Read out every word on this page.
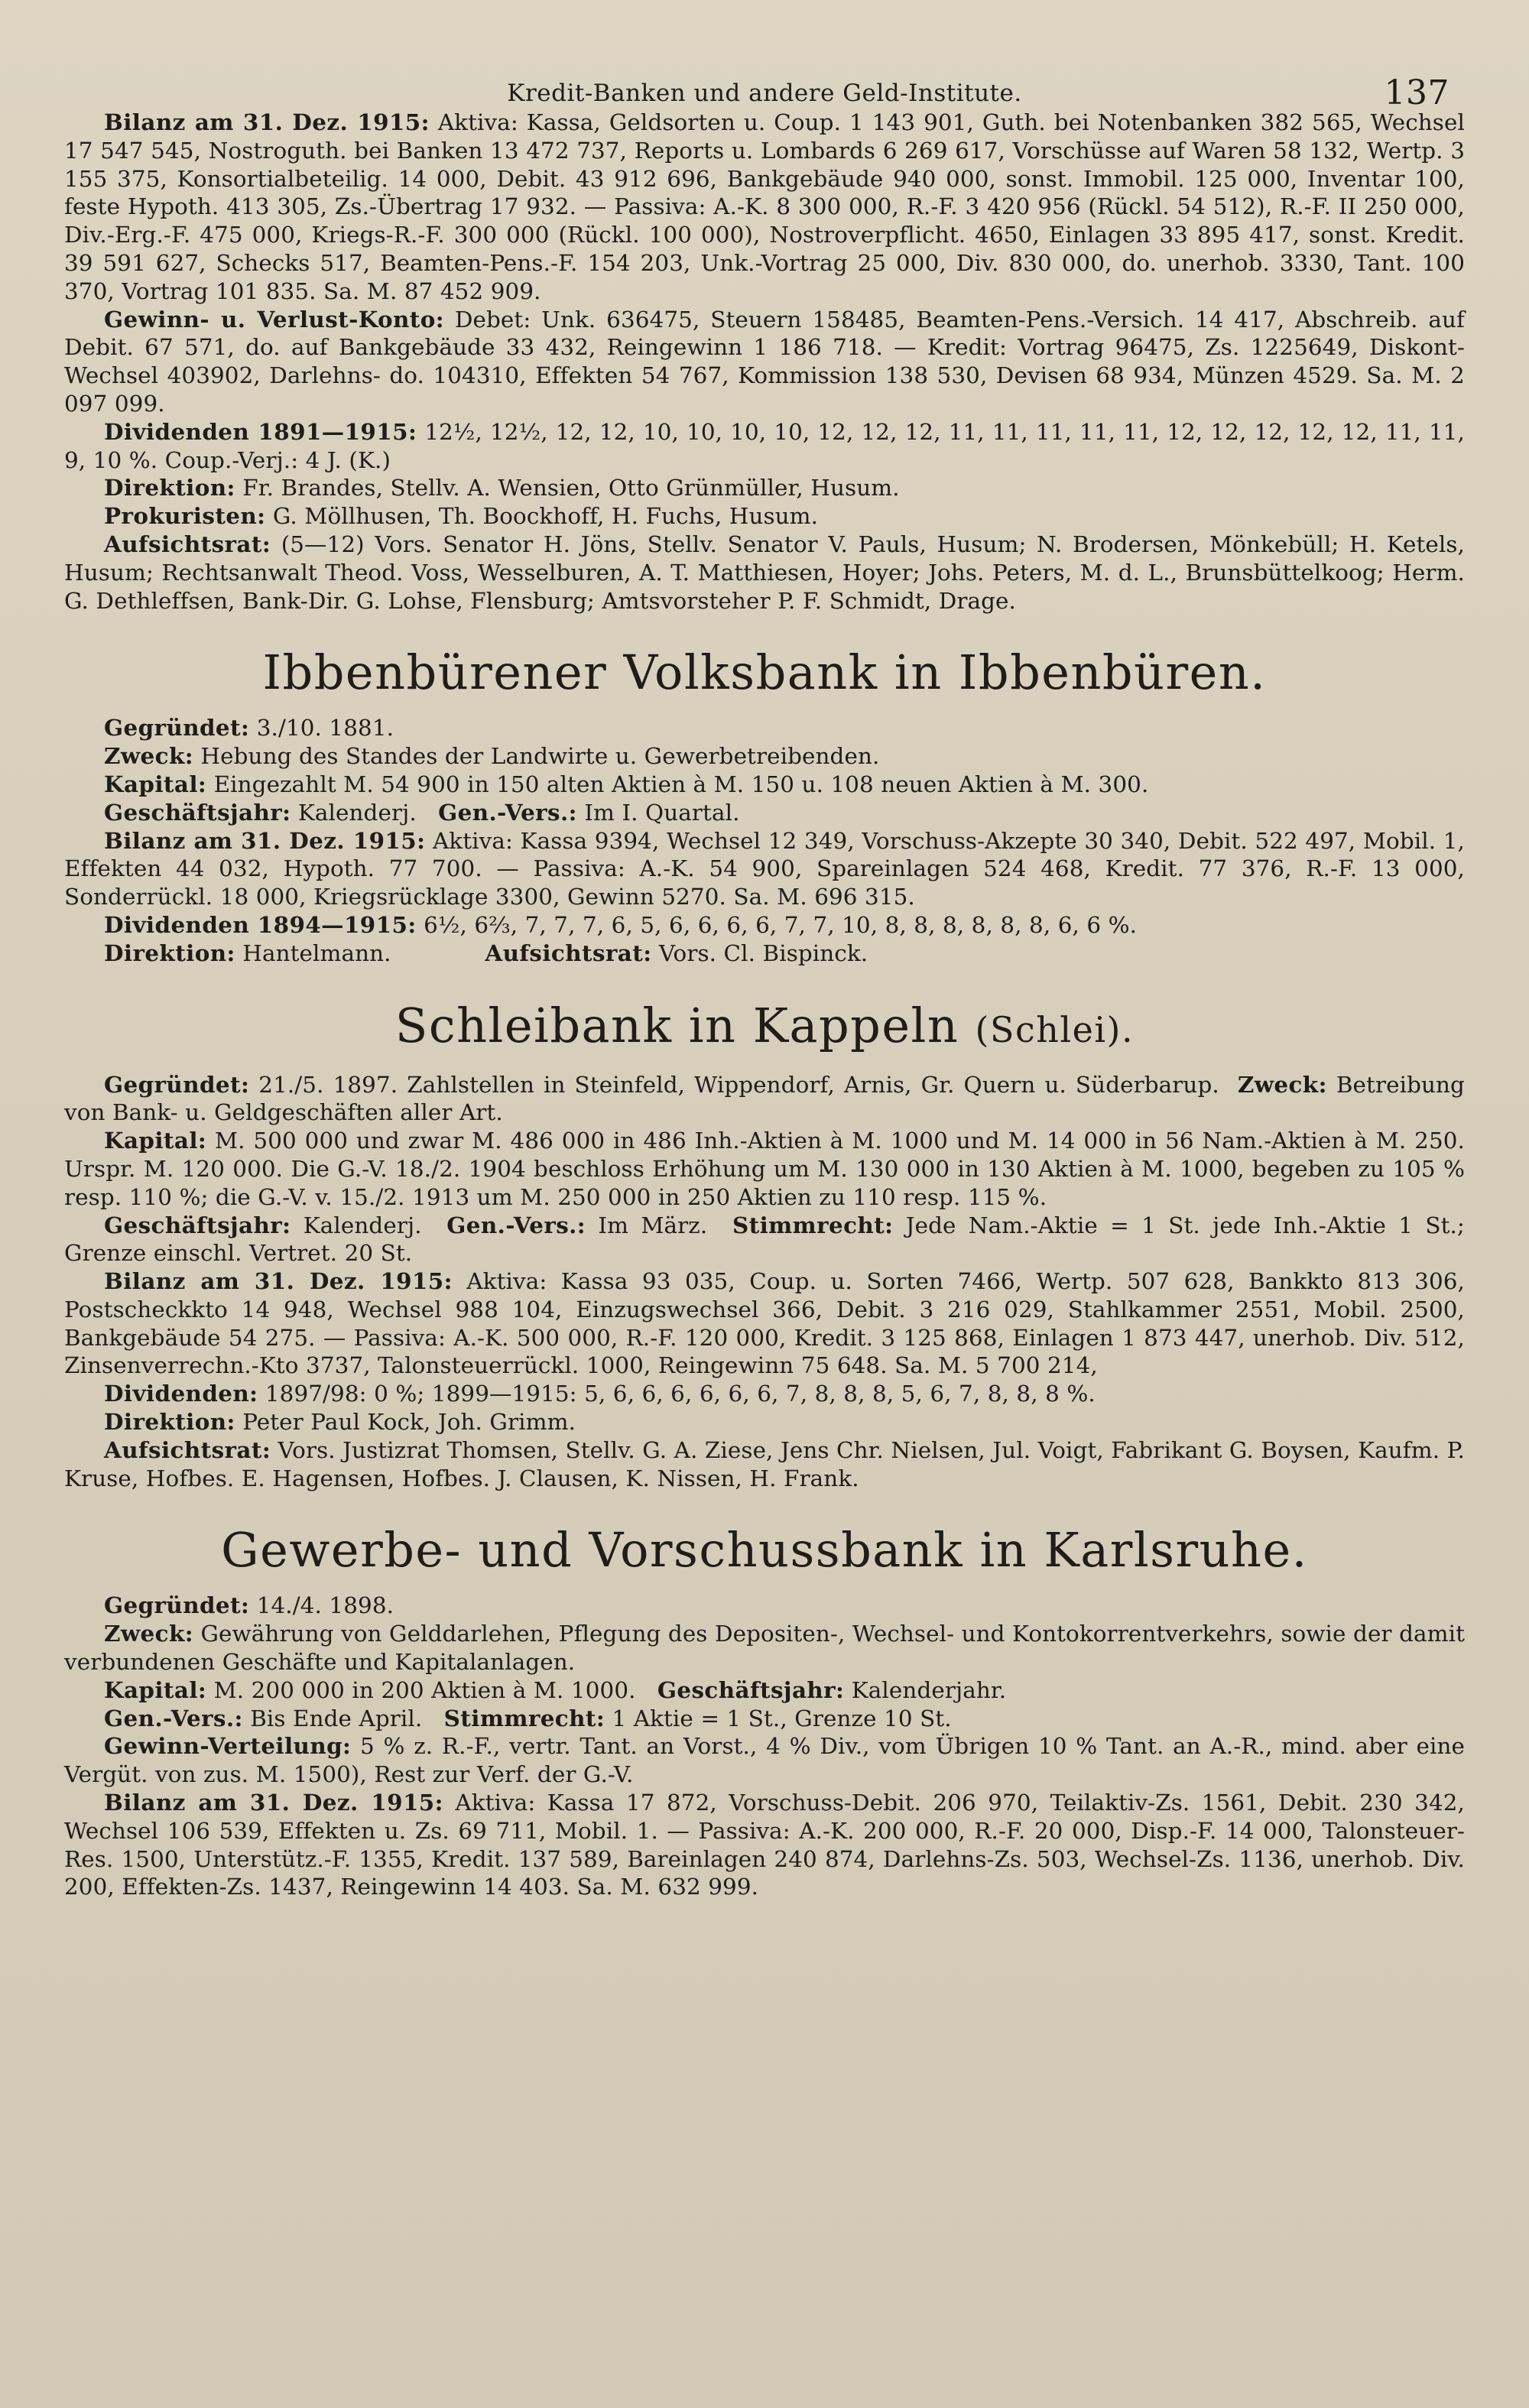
Kredit-Banken und andere Geld-Institute.	137

Bilanz am 31. Dez. 1915: Aktiva: Kassa, Geldsorten u. Coup. 1 143 901, Guth. bei Notenbanken 382 565, Wechsel 17 547 545, Nostroguth. bei Banken 13 472 737, Reports u. Lombards 6 269 617, Vorschüsse auf Waren 58 132, Wertp. 3 155 375, Konsortialbeteilig. 14 000, Debit. 43 912 696, Bankgebäude 940 000, sonst. Immobil. 125 000, Inventar 100, feste Hypoth. 413 305, Zs.-Übertrag 17 932. — Passiva: A.-K. 8 300 000, R.-F. 3 420 956 (Rückl. 54 512), R.-F. II 250 000, Div.-Erg.-F. 475 000, Kriegs-R.-F. 300 000 (Rückl. 100 000), Nostroverpflicht. 4650, Einlagen 33 895 417, sonst. Kredit. 39 591 627, Schecks 517, Beamten-Pens.-F. 154 203, Unk.-Vortrag 25 000, Div. 830 000, do. unerhob. 3330, Tant. 100 370, Vortrag 101 835. Sa. M. 87 452 909.

Gewinn- u. Verlust-Konto: Debet: Unk. 636475, Steuern 158485, Beamten-Pens.-Versich. 14 417, Abschreib. auf Debit. 67 571, do. auf Bankgebäude 33 432, Reingewinn 1 186 718. — Kredit: Vortrag 96475, Zs. 1225649, Diskont-Wechsel 403902, Darlehns- do. 104310, Effekten 54 767, Kommission 138 530, Devisen 68 934, Münzen 4529. Sa. M. 2 097 099.

Dividenden 1891—1915: 12½, 12½, 12, 12, 10, 10, 10, 10, 12, 12, 12, 11, 11, 11, 11, 11, 12, 12, 12, 12, 12, 11, 11, 9, 10 %. Coup.-Verj.: 4 J. (K.)

Direktion: Fr. Brandes, Stellv. A. Wensien, Otto Grünmüller, Husum.

Prokuristen: G. Möllhusen, Th. Boockhoff, H. Fuchs, Husum.

Aufsichtsrat: (5—12) Vors. Senator H. Jöns, Stellv. Senator V. Pauls, Husum; N. Brodersen, Mönkebüll; H. Ketels, Husum; Rechtsanwalt Theod. Voss, Wesselburen, A. T. Matthiesen, Hoyer; Johs. Peters, M. d. L., Brunsbüttelkoog; Herm. G. Dethleffsen, Bank-Dir. G. Lohse, Flensburg; Amtsvorsteher P. F. Schmidt, Drage.

Ibbenbürener Volksbank in Ibbenbüren.

Gegründet: 3./10. 1881.

Zweck: Hebung des Standes der Landwirte u. Gewerbetreibenden.

Kapital: Eingezahlt M. 54 900 in 150 alten Aktien à M. 150 u. 108 neuen Aktien à M. 300.

Geschäftsjahr: Kalenderj. Gen.-Vers.: Im I. Quartal.

Bilanz am 31. Dez. 1915: Aktiva: Kassa 9394, Wechsel 12 349, Vorschuss-Akzepte 30 340, Debit. 522 497, Mobil. 1, Effekten 44 032, Hypoth. 77 700. — Passiva: A.-K. 54 900, Spareinlagen 524 468, Kredit. 77 376, R.-F. 13 000, Sonderrückl. 18 000, Kriegsrücklage 3300, Gewinn 5270. Sa. M. 696 315.

Dividenden 1894—1915: 6½, 6⅔, 7, 7, 7, 6, 5, 6, 6, 6, 6, 7, 7, 10, 8, 8, 8, 8, 8, 8, 6, 6 %.

Direktion: Hantelmann.	Aufsichtsrat: Vors. Cl. Bispinck.

Schleibank in Kappeln (Schlei).

Gegründet: 21./5. 1897. Zahlstellen in Steinfeld, Wippendorf, Arnis, Gr. Quern u. Süderbarup. Zweck: Betreibung von Bank- u. Geldgeschäften aller Art.

Kapital: M. 500 000 und zwar M. 486 000 in 486 Inh.-Aktien à M. 1000 und M. 14 000 in 56 Nam.-Aktien à M. 250. Urspr. M. 120 000. Die G.-V. 18./2. 1904 beschloss Erhöhung um M. 130 000 in 130 Aktien à M. 1000, begeben zu 105 % resp. 110 %; die G.-V. v. 15./2. 1913 um M. 250 000 in 250 Aktien zu 110 resp. 115 %.

Geschäftsjahr: Kalenderj. Gen.-Vers.: Im März. Stimmrecht: Jede Nam.-Aktie = 1 St. jede Inh.-Aktie 1 St.; Grenze einschl. Vertret. 20 St.

Bilanz am 31. Dez. 1915: Aktiva: Kassa 93 035, Coup. u. Sorten 7466, Wertp. 507 628, Bankkto 813 306, Postscheckkto 14 948, Wechsel 988 104, Einzugswechsel 366, Debit. 3 216 029, Stahlkammer 2551, Mobil. 2500, Bankgebäude 54 275. — Passiva: A.-K. 500 000, R.-F. 120 000, Kredit. 3 125 868, Einlagen 1 873 447, unerhob. Div. 512, Zinsenverrechn.-Kto 3737, Talonsteuerrückl. 1000, Reingewinn 75 648. Sa. M. 5 700 214,

Dividenden: 1897/98: 0 %; 1899—1915: 5, 6, 6, 6, 6, 6, 6, 7, 8, 8, 8, 5, 6, 7, 8, 8, 8 %.

Direktion: Peter Paul Kock, Joh. Grimm.

Aufsichtsrat: Vors. Justizrat Thomsen, Stellv. G. A. Ziese, Jens Chr. Nielsen, Jul. Voigt, Fabrikant G. Boysen, Kaufm. P. Kruse, Hofbes. E. Hagensen, Hofbes. J. Clausen, K. Nissen, H. Frank.

Gewerbe- und Vorschussbank in Karlsruhe.

Gegründet: 14./4. 1898.

Zweck: Gewährung von Gelddarlehen, Pflegung des Depositen-, Wechsel- und Kontokorrentverkehrs, sowie der damit verbundenen Geschäfte und Kapitalanlagen.

Kapital: M. 200 000 in 200 Aktien à M. 1000. Geschäftsjahr: Kalenderjahr.

Gen.-Vers.: Bis Ende April. Stimmrecht: 1 Aktie = 1 St., Grenze 10 St.

Gewinn-Verteilung: 5 % z. R.-F., vertr. Tant. an Vorst., 4 % Div., vom Übrigen 10 % Tant. an A.-R., mind. aber eine Vergüt. von zus. M. 1500), Rest zur Verf. der G.-V.

Bilanz am 31. Dez. 1915: Aktiva: Kassa 17 872, Vorschuss-Debit. 206 970, Teilaktiv-Zs. 1561, Debit. 230 342, Wechsel 106 539, Effekten u. Zs. 69 711, Mobil. 1. — Passiva: A.-K. 200 000, R.-F. 20 000, Disp.-F. 14 000, Talonsteuer-Res. 1500, Unterstütz.-F. 1355, Kredit. 137 589, Bareinlagen 240 874, Darlehns-Zs. 503, Wechsel-Zs. 1136, unerhob. Div. 200, Effekten-Zs. 1437, Reingewinn 14 403. Sa. M. 632 999.
